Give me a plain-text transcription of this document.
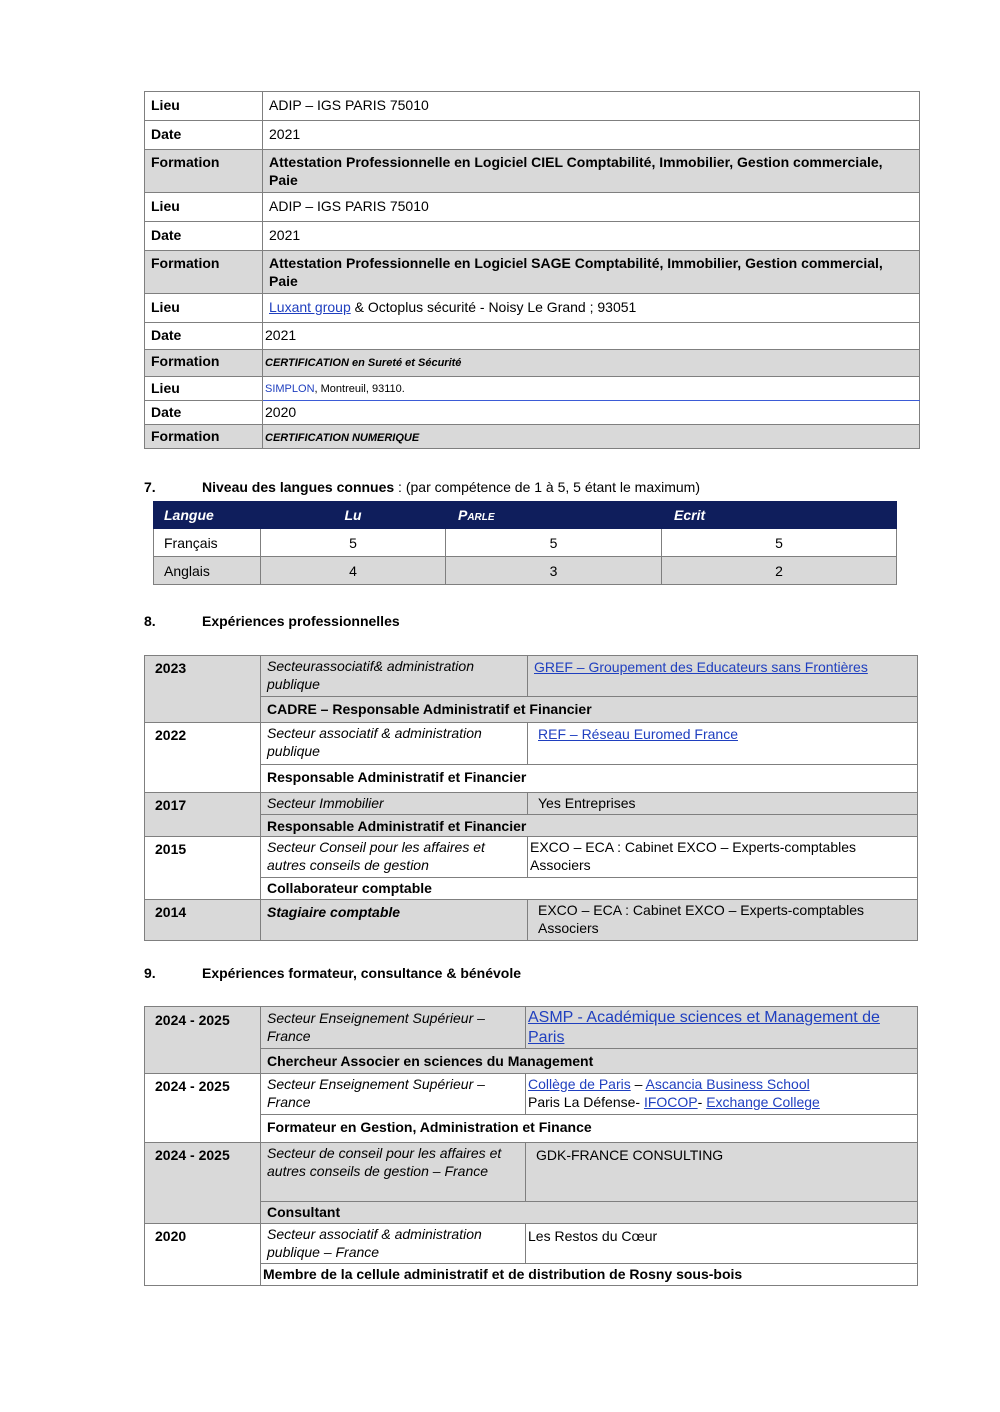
Lieu	ADIP – IGS PARIS 75010
Date	2021
Formation	Attestation Professionnelle en Logiciel CIEL Comptabilité, Immobilier, Gestion commerciale, Paie
Lieu	ADIP – IGS PARIS 75010
Date	2021
Formation	Attestation Professionnelle en Logiciel SAGE Comptabilité, Immobilier, Gestion commercial, Paie
Lieu	Luxant group & Octoplus sécurité - Noisy Le Grand ; 93051
Date	2021
Formation	CERTIFICATION en Sureté et Sécurité
Lieu	SIMPLON, Montreuil, 93110.
Date	2020
Formation	CERTIFICATION NUMERIQUE
7.	Niveau des langues connues : (par compétence de 1 à 5, 5 étant le maximum)
Langue	Lu	Parle	Ecrit
Français	5	5	5
Anglais	4	3	2
8.	Expériences professionnelles
2023	Secteurassociatif& administration publique	GREF – Groupement des Educateurs sans Frontières
	CADRE – Responsable Administratif et Financier	
2022	Secteur associatif & administration publique	REF – Réseau Euromed France
	Responsable Administratif et Financier	
2017	Secteur Immobilier	Yes Entreprises
	Responsable Administratif et Financier	
2015	Secteur Conseil pour les affaires et autres conseils de gestion	EXCO – ECA : Cabinet EXCO – Experts-comptables Associers
	Collaborateur comptable	
2014	Stagiaire comptable	EXCO – ECA : Cabinet EXCO – Experts-comptables Associers
9.	Expériences formateur, consultance & bénévole
2024 - 2025	Secteur Enseignement Supérieur – France	ASMP - Académique sciences et Management de Paris
	Chercheur Associer en sciences du Management	
2024 - 2025	Secteur Enseignement Supérieur – France	Collège de Paris – Ascancia Business School
Paris La Défense- IFOCOP- Exchange College
	Formateur en Gestion, Administration et Finance	
2024 - 2025	Secteur de conseil pour les affaires et autres conseils de gestion – France	GDK-FRANCE CONSULTING
	Consultant	
2020	Secteur associatif & administration publique – France	Les Restos du Cœur
	Membre de la cellule administratif et de distribution de Rosny sous-bois	
